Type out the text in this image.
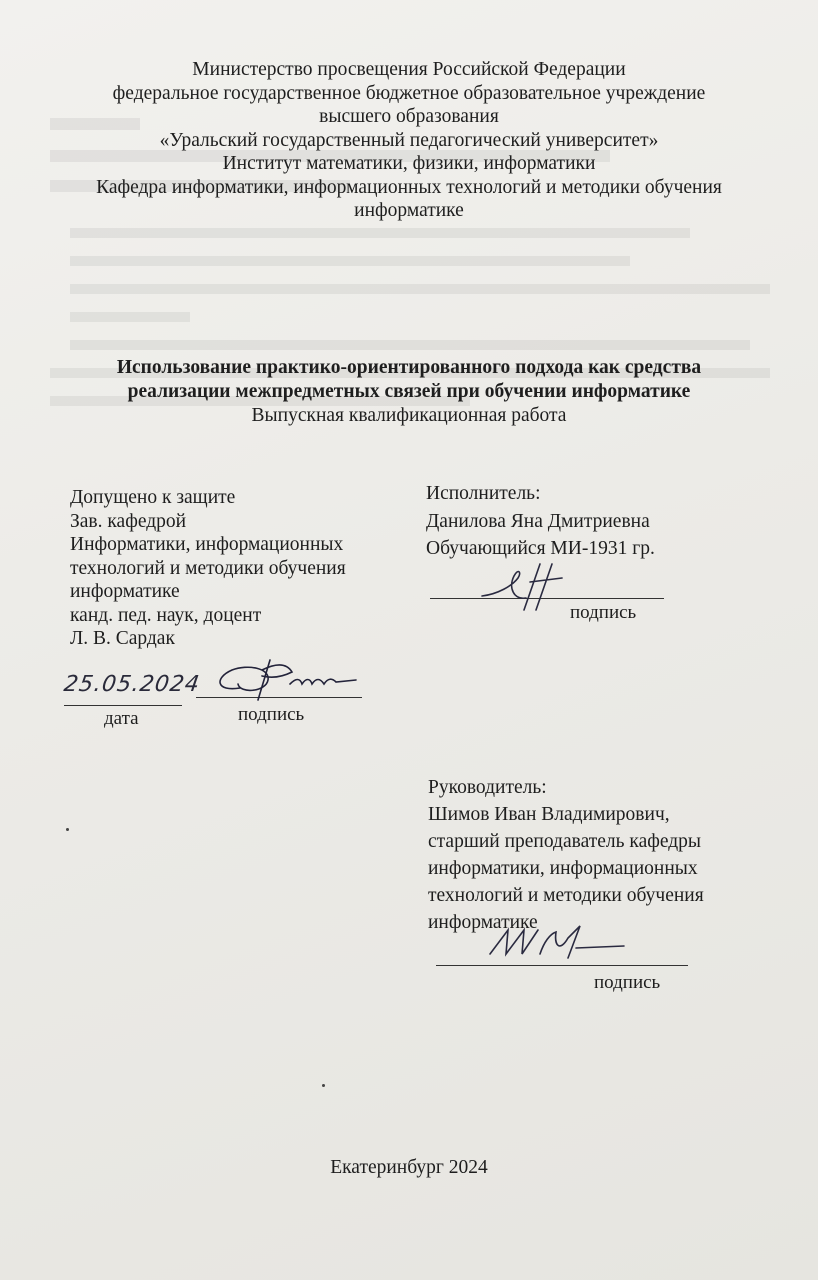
Министерство просвещения Российской Федерации
федеральное государственное бюджетное образовательное учреждение
высшего образования
«Уральский государственный педагогический университет»
Институт математики, физики, информатики
Кафедра информатики, информационных технологий и методики обучения
информатике
Использование практико-ориентированного подхода как средства
реализации межпредметных связей при обучении информатике
Выпускная квалификационная работа
Допущено к защите
Зав. кафедрой
Информатики, информационных
технологий и методики обучения
информатике
канд. пед. наук, доцент
Л. В. Сардак
25.05.2024
дата	подпись
Исполнитель:
Данилова Яна Дмитриевна
Обучающийся МИ-1931 гр.
подпись
Руководитель:
Шимов Иван Владимирович,
старший преподаватель кафедры
информатики, информационных
технологий и методики обучения
информатике
подпись
Екатеринбург 2024
